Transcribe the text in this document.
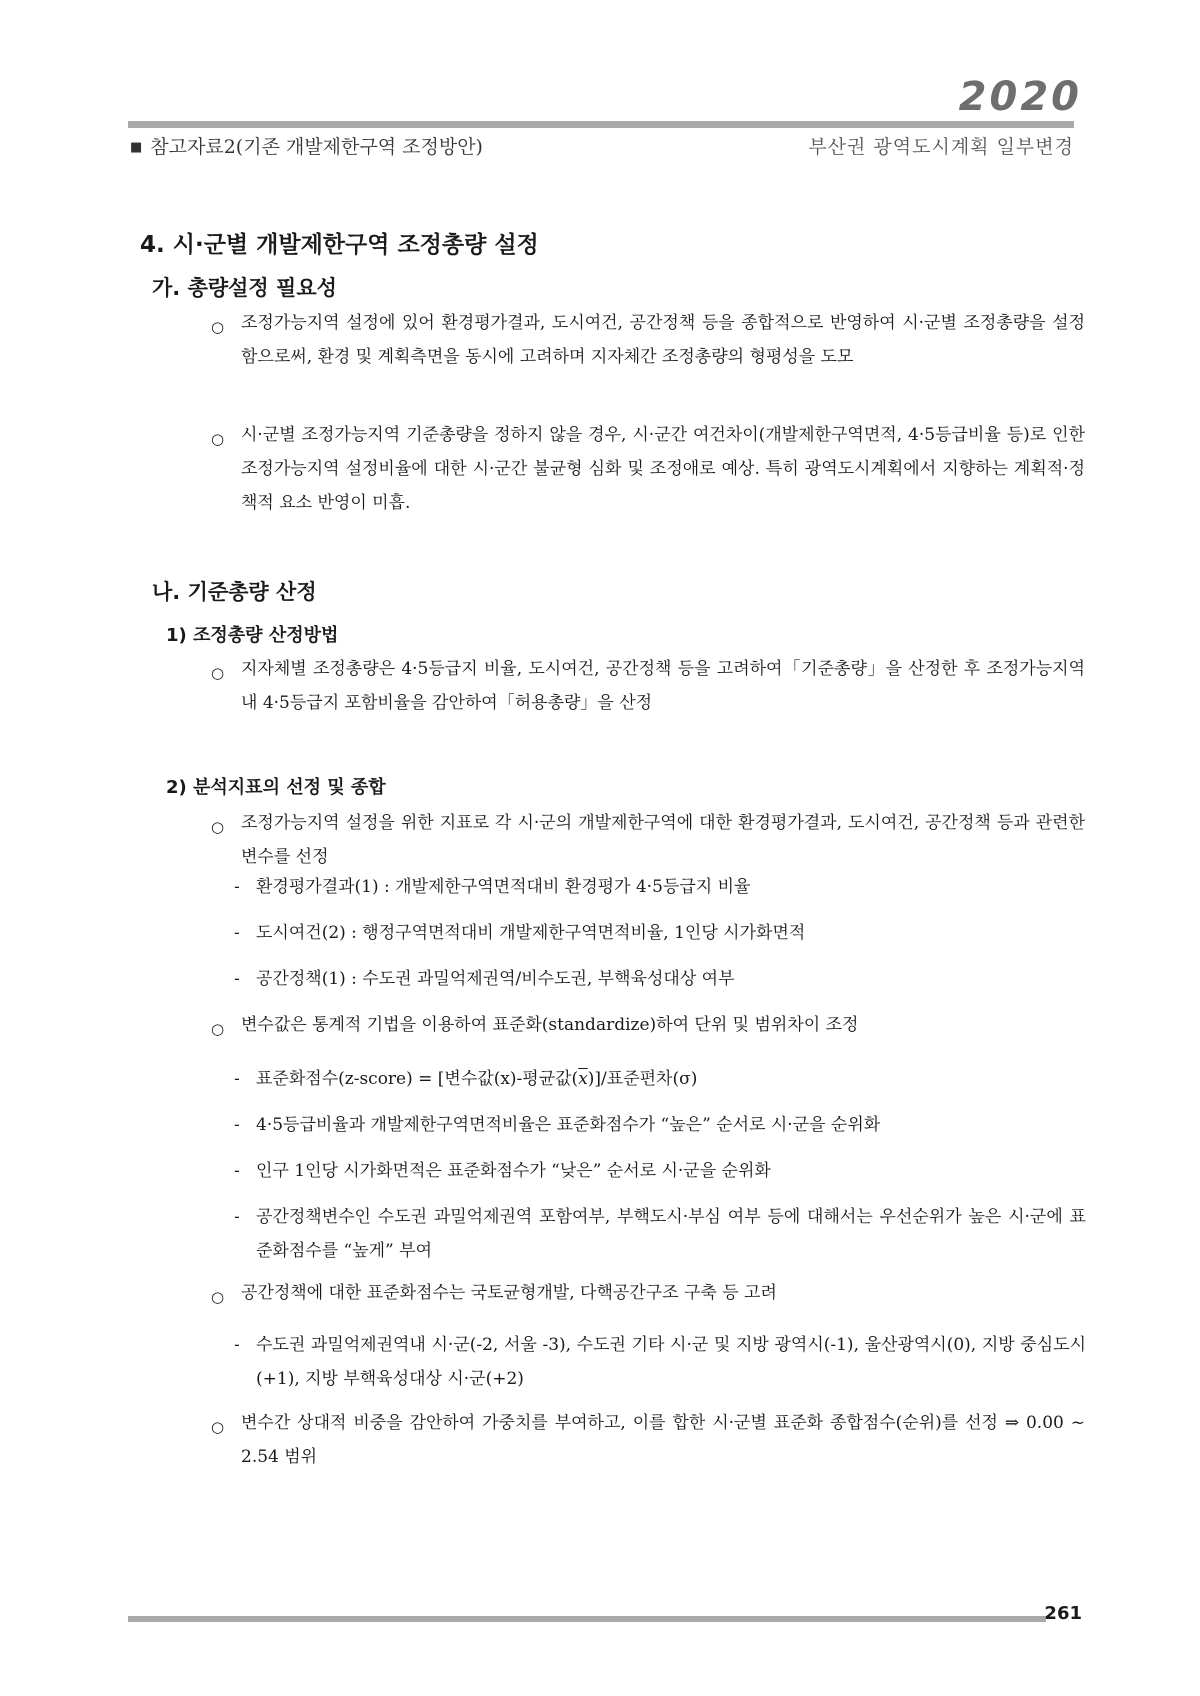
2020
■ 참고자료2(기존 개발제한구역 조정방안)	부산권 광역도시계획 일부변경
4. 시·군별 개발제한구역 조정총량 설정
가. 총량설정 필요성
○ 조정가능지역 설정에 있어 환경평가결과, 도시여건, 공간정책 등을 종합적으로 반영하여 시·군별 조정총량을 설정함으로써, 환경 및 계획측면을 동시에 고려하며 지자체간 조정총량의 형평성을 도모

○ 시·군별 조정가능지역 기준총량을 정하지 않을 경우, 시·군간 여건차이(개발제한구역면적, 4·5등급비율 등)로 인한 조정가능지역 설정비율에 대한 시·군간 불균형 심화 및 조정애로 예상. 특히 광역도시계획에서 지향하는 계획적·정책적 요소 반영이 미흡.

나. 기준총량 산정
1) 조정총량 산정방법
○ 지자체별 조정총량은 4·5등급지 비율, 도시여건, 공간정책 등을 고려하여「기준총량」을 산정한 후 조정가능지역내 4·5등급지 포함비율을 감안하여「허용총량」을 산정

2) 분석지표의 선정 및 종합
○ 조정가능지역 설정을 위한 지표로 각 시·군의 개발제한구역에 대한 환경평가결과, 도시여건, 공간정책 등과 관련한 변수를 선정

- 환경평가결과(1) : 개발제한구역면적대비 환경평가 4·5등급지 비율

- 도시여건(2) : 행정구역면적대비 개발제한구역면적비율, 1인당 시가화면적

- 공간정책(1) : 수도권 과밀억제권역/비수도권, 부핵육성대상 여부

○ 변수값은 통계적 기법을 이용하여 표준화(standardize)하여 단위 및 범위차이 조정

- 표준화점수(z-score) = [변수값(x)-평균값$(\overline{x})]/$표준편차(σ)

- 4·5등급비율과 개발제한구역면적비율은 표준화점수가 “높은” 순서로 시·군을 순위화

- 인구 1인당 시가화면적은 표준화점수가 “낮은” 순서로 시·군을 순위화

- 공간정책변수인 수도권 과밀억제권역 포함여부, 부핵도시·부심 여부 등에 대해서는 우선순위가 높은 시·군에 표준화점수를 “높게” 부여

○ 공간정책에 대한 표준화점수는 국토균형개발, 다핵공간구조 구축 등 고려

- 수도권 과밀억제권역내 시·군(-2, 서울 -3), 수도권 기타 시·군 및 지방 광역시(-1), 울산광역시(0), 지방 중심도시(+1), 지방 부핵육성대상 시·군(+2)

○ 변수간 상대적 비중을 감안하여 가중치를 부여하고, 이를 합한 시·군별 표준화 종합점수(순위)를 선정 ⇒ 0.00 ~ 2.54 범위

261
